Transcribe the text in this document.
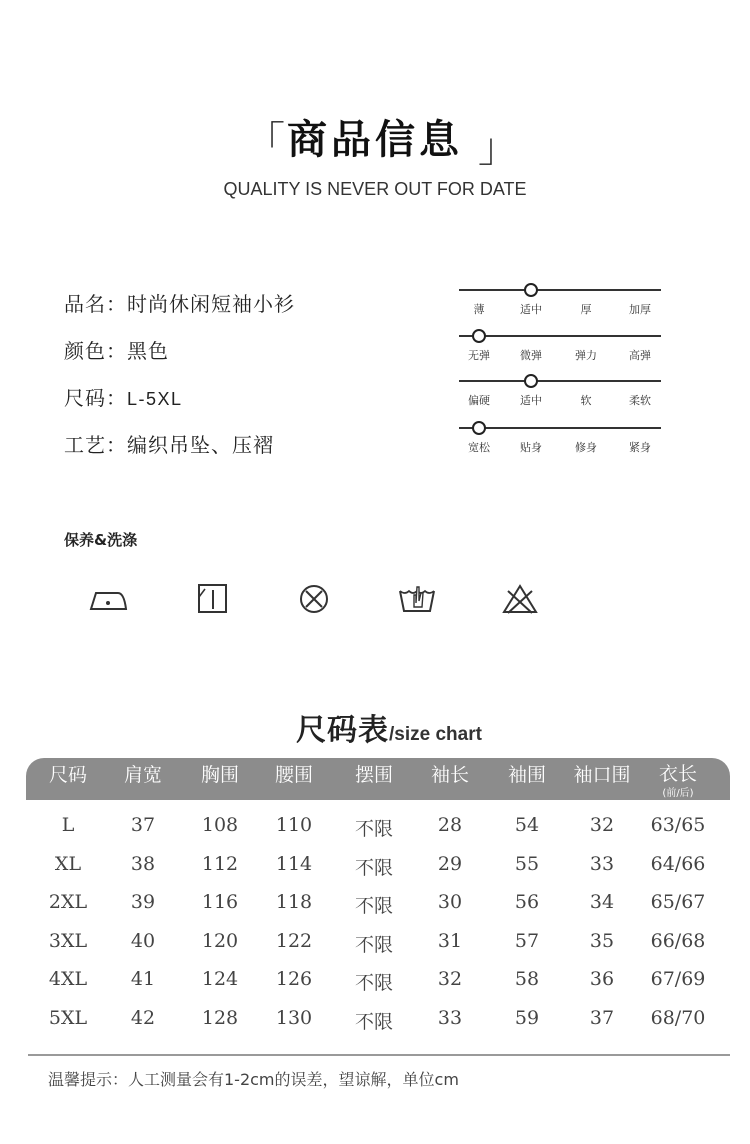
「 商品信息 」
QUALITY IS NEVER OUT FOR DATE
品名：时尚休闲短袖小衫
颜色：黑色
尺码：L-5XL
工艺：编织吊坠、压褶
薄	适中	厚	加厚
无弹	微弹	弹力	高弹
偏硬	适中	软	柔软
宽松	贴身	修身	紧身
保养&洗涤
尺码表/size chart
尺码 肩宽 胸围 腰围 摆围 袖长 袖围 袖口围 衣长
(前/后)
L	37 108 110 不限 28	54	32 63/65
XL	38 112 114 不限 29	55	33 64/66
2XL 39 116 118 不限 30	56	34 65/67
3XL 40 120 122 不限 31	57	35 66/68
4XL 41 124 126 不限 32	58	36 67/69
5XL 42 128 130 不限 33	59	37 68/70
温馨提示：人工测量会有1-2cm的误差，望谅解，单位cm
